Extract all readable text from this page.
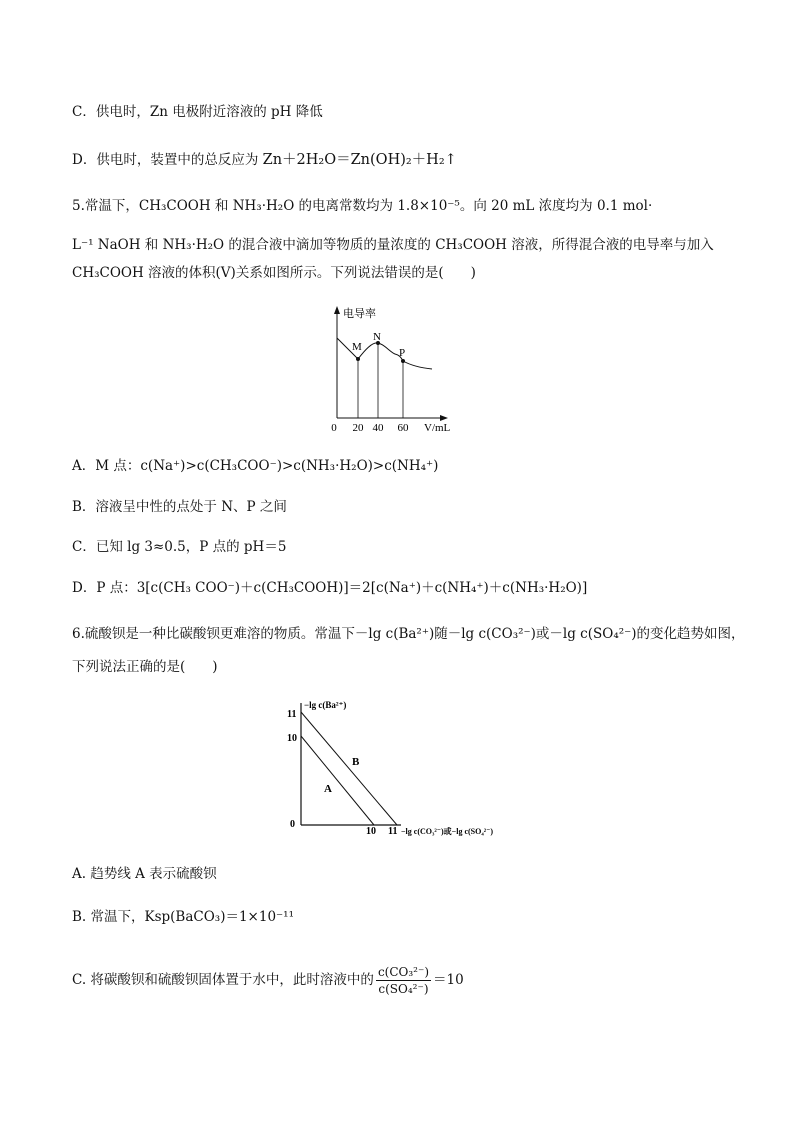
C．供电时，Zn 电极附近溶液的 pH 降低
D．供电时，装置中的总反应为 Zn＋2H₂O＝Zn(OH)₂＋H₂↑
5.常温下，CH₃COOH 和 NH₃·H₂O 的电离常数均为 1.8×10⁻⁵。向 20 mL 浓度均为 0.1 mol·
L⁻¹ NaOH 和 NH₃·H₂O 的混合液中滴加等物质的量浓度的 CH₃COOH 溶液，所得混合液的电导率与加入
CH₃COOH 溶液的体积(V)关系如图所示。下列说法错误的是(　　)
电导率
M
N
P
0 20 40 60 V/mL
A．M 点：c(Na⁺)>c(CH₃COO⁻)>c(NH₃·H₂O)>c(NH₄⁺)
B．溶液呈中性的点处于 N、P 之间
C．已知 lg 3≈0.5，P 点的 pH＝5
D．P 点：3[c(CH₃ COO⁻)＋c(CH₃COOH)]＝2[c(Na⁺)＋c(NH₄⁺)＋c(NH₃·H₂O)]
6.硫酸钡是一种比碳酸钡更难溶的物质。常温下－lg c(Ba²⁺)随－lg c(CO₃²⁻)或－lg c(SO₄²⁻)的变化趋势如图，
下列说法正确的是(　　)
−lg c(Ba²⁺)
11
10
0
10 11 −lg c(CO₃²⁻)或−lg c(SO₄²⁻)
A
B
A. 趋势线 A 表示硫酸钡
B. 常温下，Ksp(BaCO₃)＝1×10⁻¹¹
C. 将碳酸钡和硫酸钡固体置于水中，此时溶液中的 $\frac{\text{c(CO₃²⁻)}}{\text{c(SO₄²⁻)}} =10$
